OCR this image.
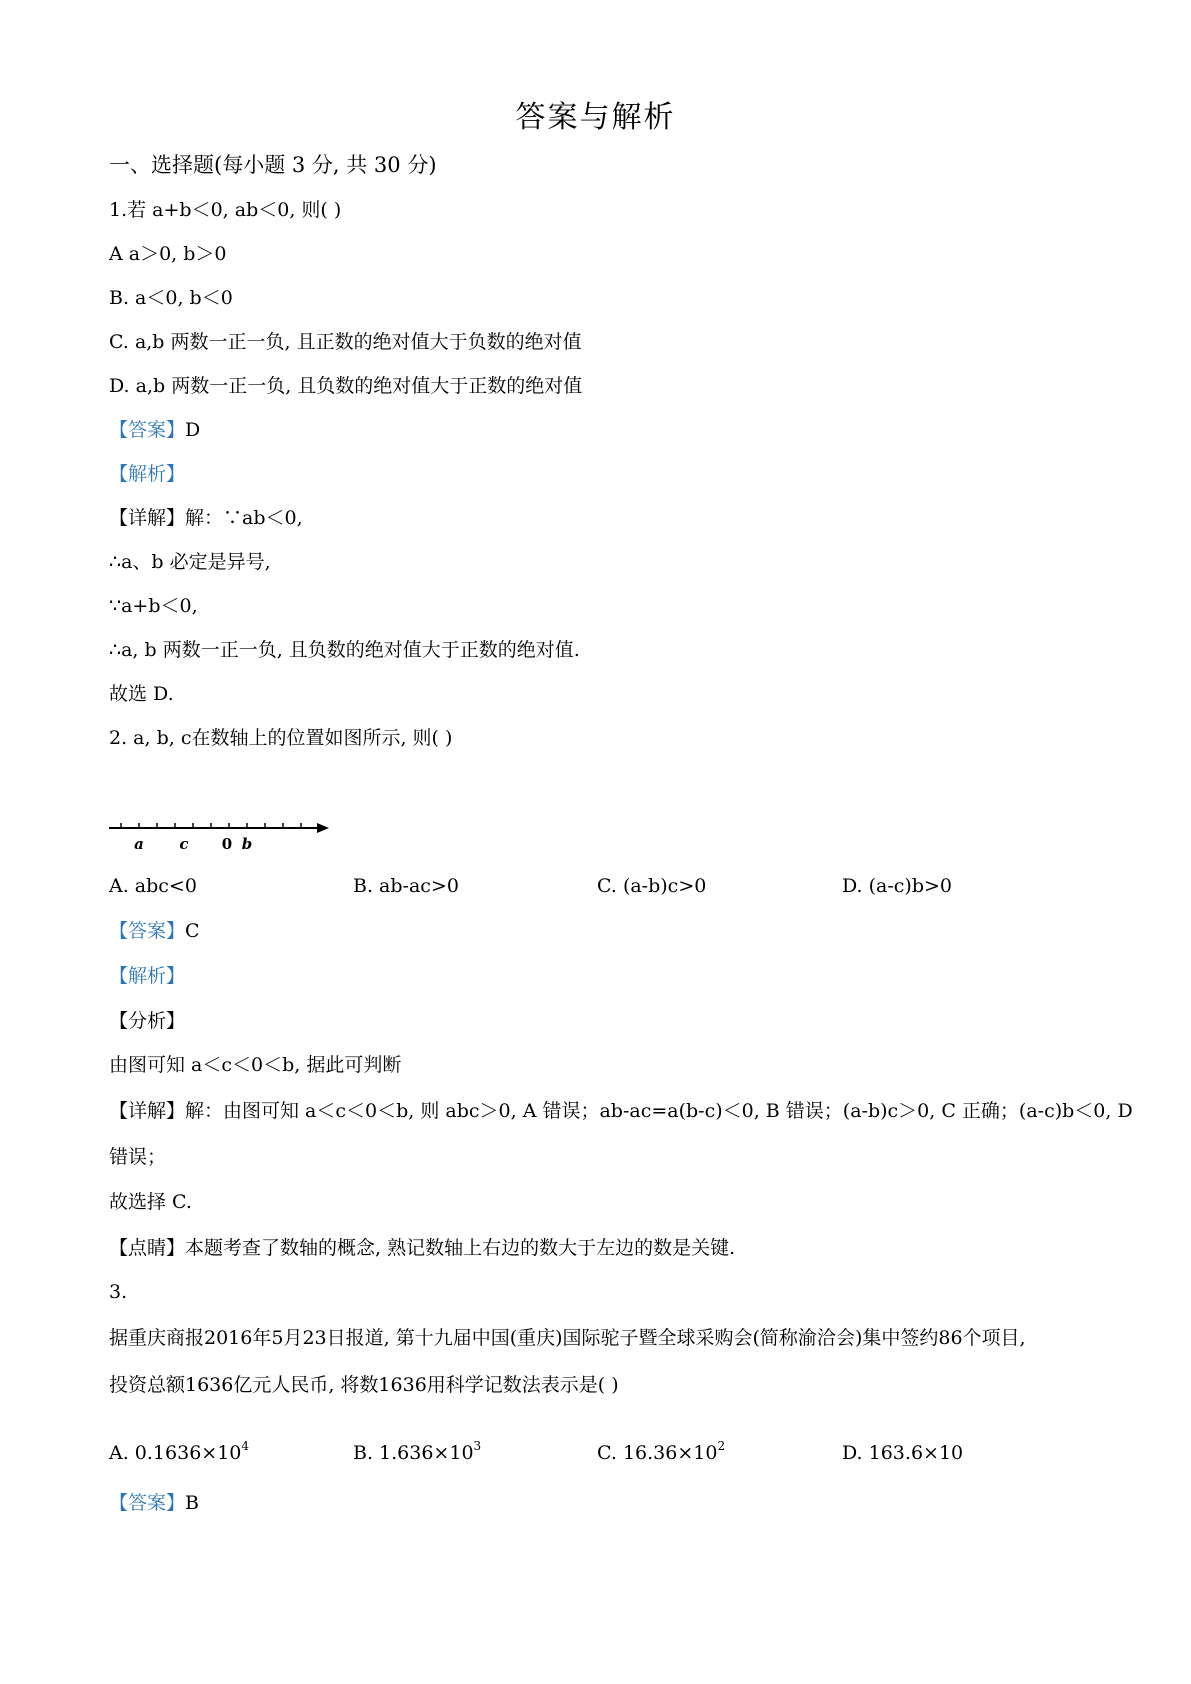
答案与解析
一、选择题(每小题 3 分, 共 30 分)
1.若 a+b＜0, ab＜0, 则( )
A a＞0, b＞0
B. a＜0, b＜0
C. a,b 两数一正一负, 且正数的绝对值大于负数的绝对值
D. a,b 两数一正一负, 且负数的绝对值大于正数的绝对值
【答案】D
【解析】
【详解】解：∵ab＜0,
∴a、b 必定是异号,
∵a+b＜0,
∴a, b 两数一正一负, 且负数的绝对值大于正数的绝对值.
故选 D.
2. a, b, c在数轴上的位置如图所示, 则( )
a c 0 b
A. abc<0	B. ab-ac>0	C. (a-b)c>0	D. (a-c)b>0
【答案】C
【解析】
【分析】
由图可知 a＜c＜0＜b, 据此可判断
【详解】解：由图可知 a＜c＜0＜b, 则 abc＞0, A 错误；ab-ac=a(b-c)＜0, B 错误；(a-b)c＞0, C 正确；(a-c)b＜0, D
错误；
故选择 C.
【点睛】本题考查了数轴的概念, 熟记数轴上右边的数大于左边的数是关键.
3.
据重庆商报2016年5月23日报道, 第十九届中国(重庆)国际驼子暨全球采购会(简称渝洽会)集中签约86个项目,
投资总额1636亿元人民币, 将数1636用科学记数法表示是( )
A. $0.1636\times 10^4$	B. $1.636\times 10^3$	C. $16.36\times 10^2$	D. 163.6×10
【答案】B
